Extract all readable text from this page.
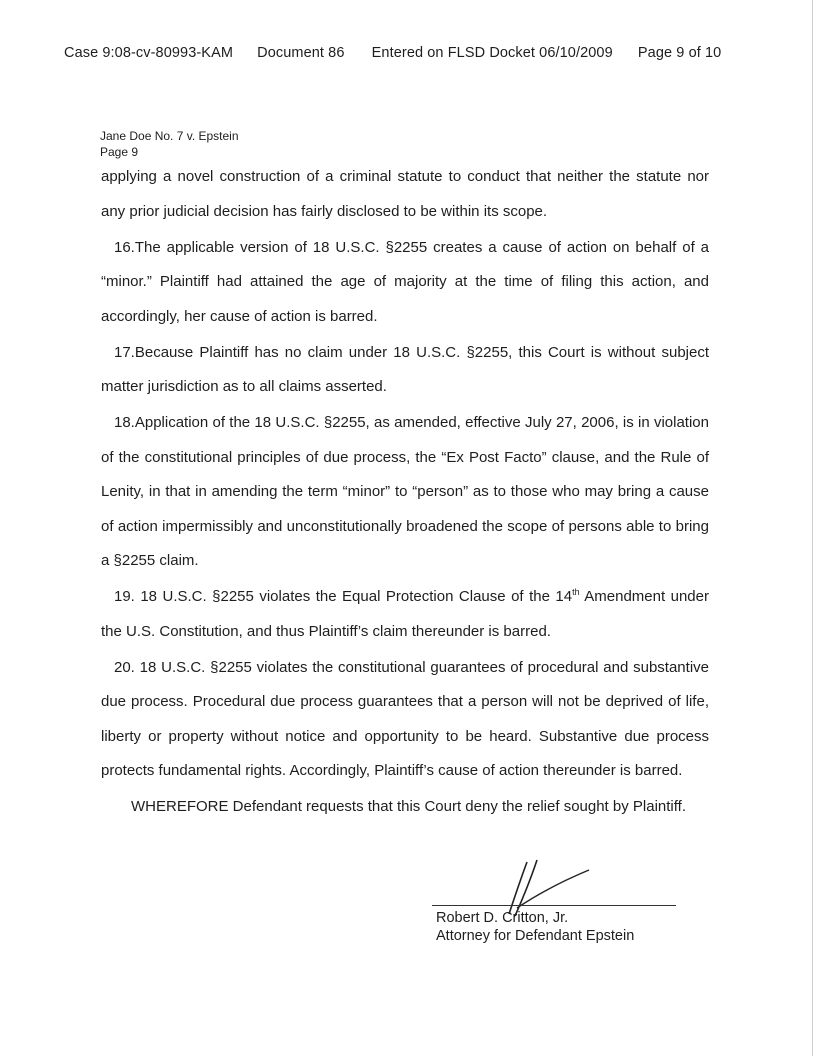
Case 9:08-cv-80993-KAM Document 86 Entered on FLSD Docket 06/10/2009 Page 9 of 10
Jane Doe No. 7 v. Epstein
Page 9

applying a novel construction of a criminal statute to conduct that neither the statute nor any prior judicial decision has fairly disclosed to be within its scope.

16.The applicable version of 18 U.S.C. §2255 creates a cause of action on behalf of a “minor.” Plaintiff had attained the age of majority at the time of filing this action, and accordingly, her cause of action is barred.

17.Because Plaintiff has no claim under 18 U.S.C. §2255, this Court is without subject matter jurisdiction as to all claims asserted.

18.Application of the 18 U.S.C. §2255, as amended, effective July 27, 2006, is in violation of the constitutional principles of due process, the “Ex Post Facto” clause, and the Rule of Lenity, in that in amending the term “minor” to “person” as to those who may bring a cause of action impermissibly and unconstitutionally broadened the scope of persons able to bring a §2255 claim.

19. 18 U.S.C. §2255 violates the Equal Protection Clause of the 14th Amendment under the U.S. Constitution, and thus Plaintiff’s claim thereunder is barred.

20. 18 U.S.C. §2255 violates the constitutional guarantees of procedural and substantive due process. Procedural due process guarantees that a person will not be deprived of life, liberty or property without notice and opportunity to be heard. Substantive due process protects fundamental rights. Accordingly, Plaintiff’s cause of action thereunder is barred.

WHEREFORE Defendant requests that this Court deny the relief sought by Plaintiff.

Robert D. Critton, Jr.
Attorney for Defendant Epstein
